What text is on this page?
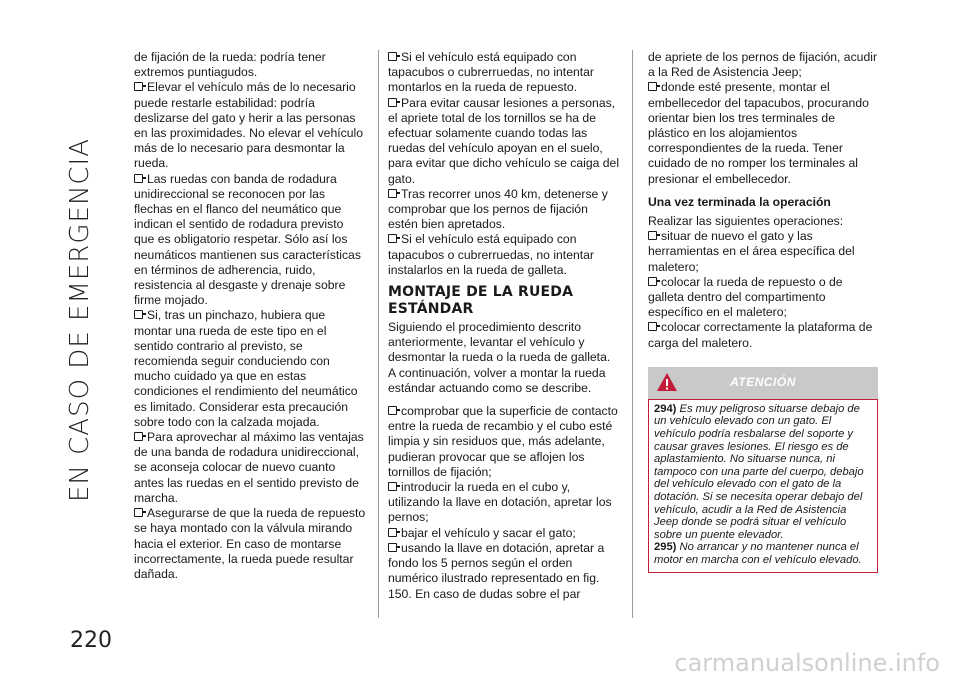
EN CASO DE EMERGENCIA
220

de fijación de la rueda: podría tener extremos puntiagudos.

Elevar el vehículo más de lo necesario puede restarle estabilidad: podría deslizarse del gato y herir a las personas en las proximidades. No elevar el vehículo más de lo necesario para desmontar la rueda.

Las ruedas con banda de rodadura unidireccional se reconocen por las flechas en el flanco del neumático que indican el sentido de rodadura previsto que es obligatorio respetar. Sólo así los neumáticos mantienen sus características en términos de adherencia, ruido, resistencia al desgaste y drenaje sobre firme mojado.

Si, tras un pinchazo, hubiera que montar una rueda de este tipo en el sentido contrario al previsto, se recomienda seguir conduciendo con mucho cuidado ya que en estas condiciones el rendimiento del neumático es limitado. Considerar esta precaución sobre todo con la calzada mojada.

Para aprovechar al máximo las ventajas de una banda de rodadura unidireccional, se aconseja colocar de nuevo cuanto antes las ruedas en el sentido previsto de marcha.

Asegurarse de que la rueda de repuesto se haya montado con la válvula mirando hacia el exterior. En caso de montarse incorrectamente, la rueda puede resultar dañada.

Si el vehículo está equipado con tapacubos o cubrerruedas, no intentar montarlos en la rueda de repuesto.

Para evitar causar lesiones a personas, el apriete total de los tornillos se ha de efectuar solamente cuando todas las ruedas del vehículo apoyan en el suelo, para evitar que dicho vehículo se caiga del gato.

Tras recorrer unos 40 km, detenerse y comprobar que los pernos de fijación estén bien apretados.

Si el vehículo está equipado con tapacubos o cubrerruedas, no intentar instalarlos en la rueda de galleta.

MONTAJE DE LA RUEDA ESTÁNDAR

Siguiendo el procedimiento descrito anteriormente, levantar el vehículo y desmontar la rueda o la rueda de galleta. A continuación, volver a montar la rueda estándar actuando como se describe.

comprobar que la superficie de contacto entre la rueda de recambio y el cubo esté limpia y sin residuos que, más adelante, pudieran provocar que se aflojen los tornillos de fijación;

introducir la rueda en el cubo y, utilizando la llave en dotación, apretar los pernos;

bajar el vehículo y sacar el gato;

usando la llave en dotación, apretar a fondo los 5 pernos según el orden numérico ilustrado representado en fig. 150. En caso de dudas sobre el par

de apriete de los pernos de fijación, acudir a la Red de Asistencia Jeep;

donde esté presente, montar el embellecedor del tapacubos, procurando orientar bien los tres terminales de plástico en los alojamientos correspondientes de la rueda. Tener cuidado de no romper los terminales al presionar el embellecedor.

Una vez terminada la operación

Realizar las siguientes operaciones:

situar de nuevo el gato y las herramientas en el área específica del maletero;

colocar la rueda de repuesto o de galleta dentro del compartimento específico en el maletero;

colocar correctamente la plataforma de carga del maletero.

ATENCIÓN

294) Es muy peligroso situarse debajo de un vehículo elevado con un gato. El vehículo podría resbalarse del soporte y causar graves lesiones. El riesgo es de aplastamiento. No situarse nunca, ni tampoco con una parte del cuerpo, debajo del vehículo elevado con el gato de la dotación. Si se necesita operar debajo del vehículo, acudir a la Red de Asistencia Jeep donde se podrá situar el vehículo sobre un puente elevador.

295) No arrancar y no mantener nunca el motor en marcha con el vehículo elevado.

carmanualsonline.info
